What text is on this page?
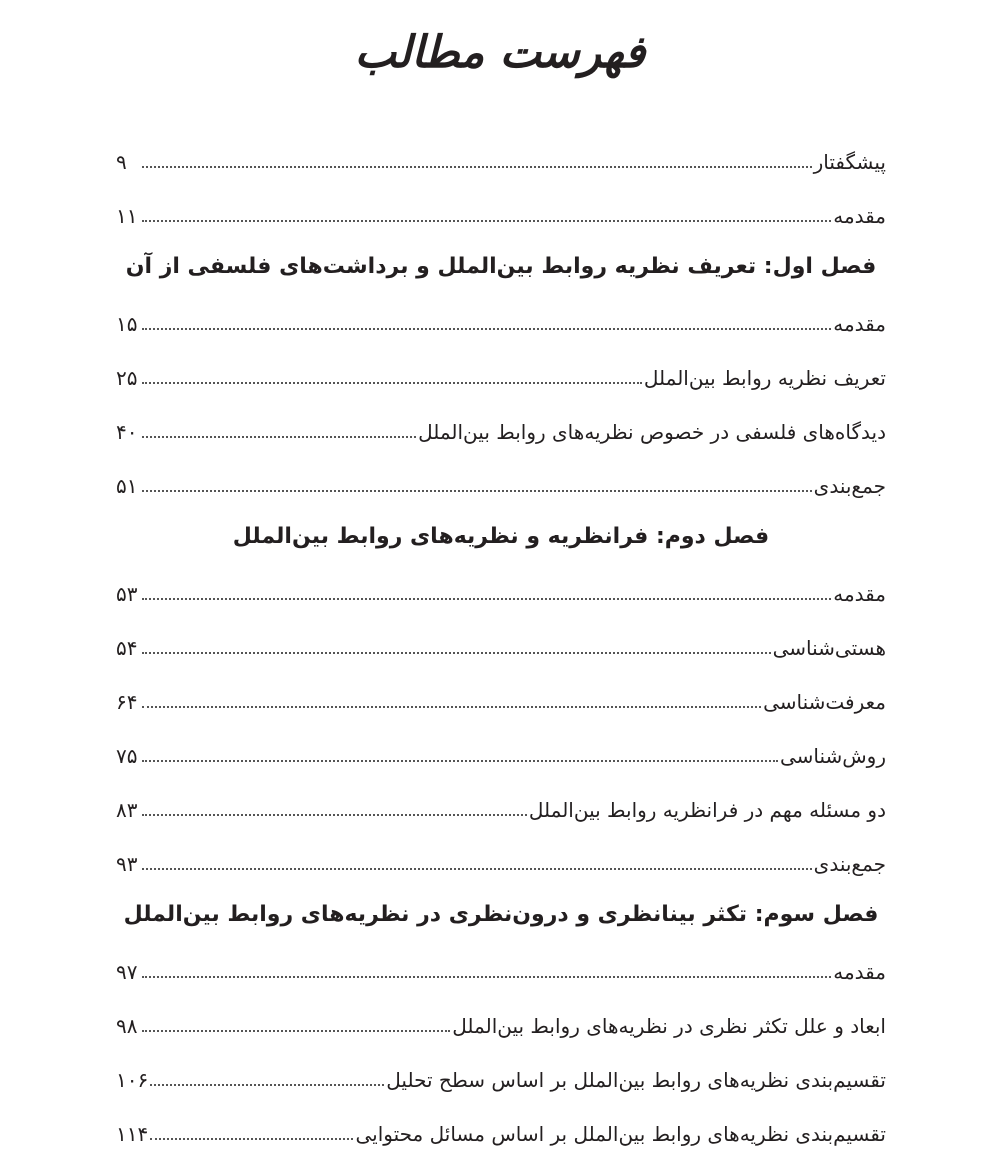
فهرست مطالب
پیشگفتار
۹
مقدمه
۱۱
فصل اول: تعریف نظریه روابط بین‌الملل و برداشت‌های فلسفی از آن
مقدمه
۱۵
تعریف نظریه روابط بین‌الملل
۲۵
دیدگاه‌های فلسفی در خصوص نظریه‌های روابط بین‌الملل
۴۰
جمع‌بندی
۵۱
فصل دوم: فرانظریه و نظریه‌های روابط بین‌الملل
مقدمه
۵۳
هستی‌شناسی
۵۴
معرفت‌شناسی
۶۴
روش‌شناسی
۷۵
دو مسئله مهم در فرانظریه روابط بین‌الملل
۸۳
جمع‌بندی
۹۳
فصل سوم: تکثر بینانظری و درون‌نظری در نظریه‌های روابط بین‌الملل
مقدمه
۹۷
ابعاد و علل تکثر نظری در نظریه‌های روابط بین‌الملل
۹۸
تقسیم‌بندی نظریه‌های روابط بین‌الملل بر اساس سطح تحلیل
۱۰۶
تقسیم‌بندی نظریه‌های روابط بین‌الملل بر اساس مسائل محتوایی
۱۱۴
